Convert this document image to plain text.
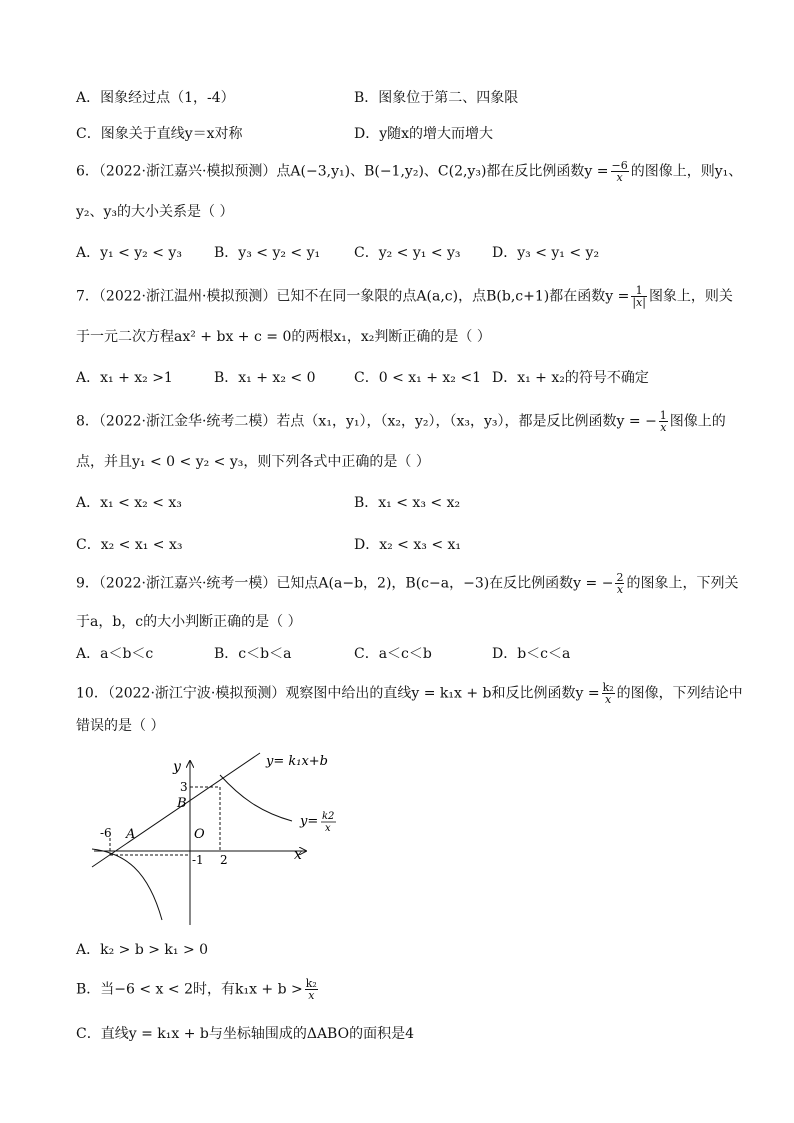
A．图象经过点（1，-4）	B．图象位于第二、四象限
C．图象关于直线y＝x对称	D．y随x的增大而增大
6．（2022·浙江嘉兴·模拟预测）点A(−3,y₁)、B(−1,y₂)、C(2,y₃)都在反比例函数$y = \frac{-6}{x}$ 的图像上，则y₁、
y₂、y₃的大小关系是（ ）
A．y₁ < y₂ < y₃ B．y₃ < y₂ < y₁ C．y₂ < y₁ < y₃ D．y₃ < y₁ < y₂
7．（2022·浙江温州·模拟预测）已知不在同一象限的点A(a,c)，点B(b,c+1)都在函数$y = \frac{1}{|x|}$ 图象上，则关
于一元二次方程ax² + bx + c = 0的两根x₁，x₂判断正确的是（ ）
A．x₁ + x₂ >1	B．x₁ + x₂ < 0	C．0 < x₁ + x₂ <1 D．x₁ + x₂的符号不确定
8．（2022·浙江金华·统考二模）若点（x₁，y₁），（x₂，y₂），（x₃，y₃），都是反比例函数y = − $\frac{1}{x}$ 图像上的
点，并且y₁ < 0 < y₂ < y₃，则下列各式中正确的是（ ）
A．x₁ < x₂ < x₃	B．x₁ < x₃ < x₂
C．x₂ < x₁ < x₃	D．x₂ < x₃ < x₁
9．（2022·浙江嘉兴·统考一模）已知点A(a−b，2)，B(c−a，−3)在反比例函数y = − $\frac{2}{x}$ 的图象上，下列关
于a，b，c的大小判断正确的是（ ）
A．a＜b＜c	B．c＜b＜a	C．a＜c＜b	D．b＜c＜a
10．（2022·浙江宁波·模拟预测）观察图中给出的直线y = k₁x + b和反比例函数$y = \frac{\text{k₂}}{x}$ 的图像，下列结论中
错误的是（ ）
y= k₁x+b
y= k2
x
y
x
O
A
B
3
-6
-1 2
A．k₂ > b > k₁ > 0
B．当−6 < x < 2时，有$k_1x + b > \frac{\text{k₂}}{x}$
C．直线y = k₁x + b与坐标轴围成的ΔABO的面积是4
